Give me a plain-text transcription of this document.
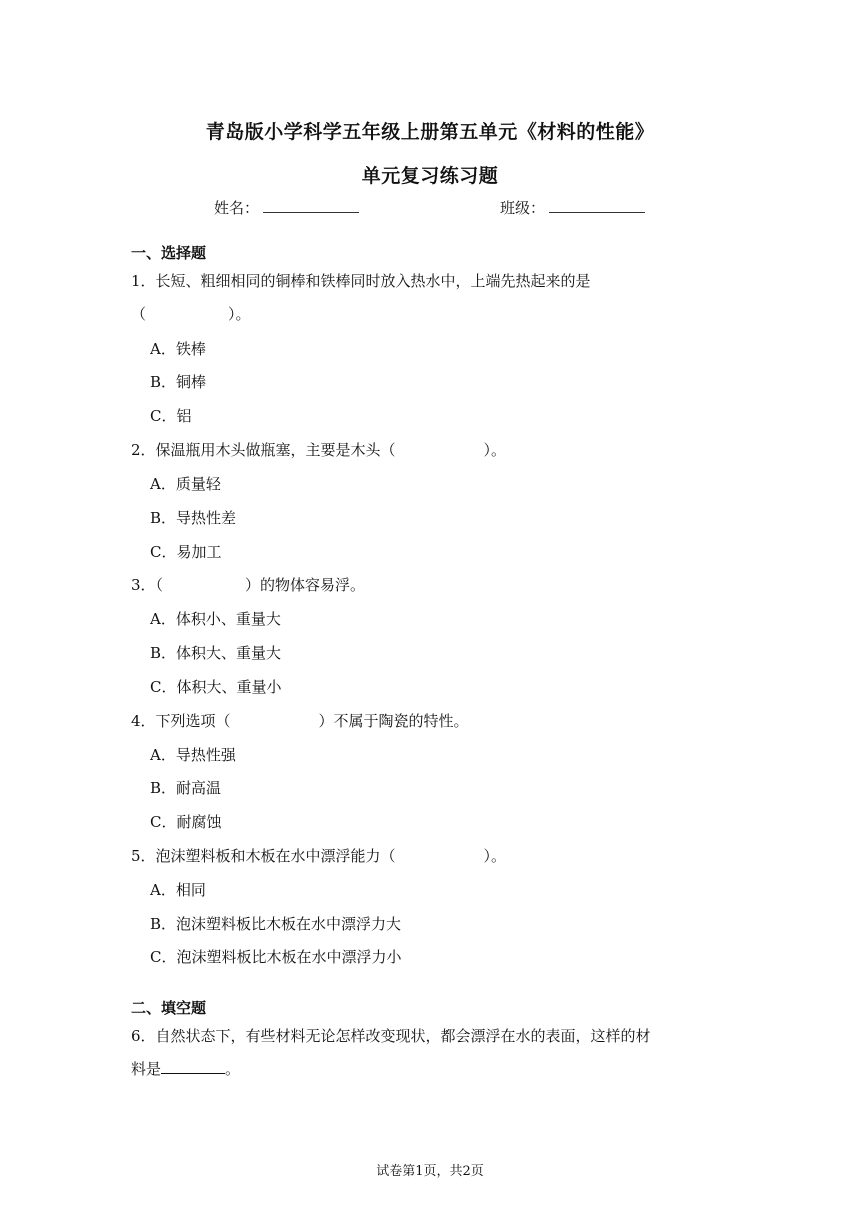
青岛版小学科学五年级上册第五单元《材料的性能》
单元复习练习题
姓名：	班级：
一、选择题
1．长短、粗细相同的铜棒和铁棒同时放入热水中，上端先热起来的是
（	）。
A．铁棒
B．铜棒
C．铝
2．保温瓶用木头做瓶塞，主要是木头（	）。
A．质量轻
B．导热性差
C．易加工
3．（	）的物体容易浮。
A．体积小、重量大
B．体积大、重量大
C．体积大、重量小
4．下列选项（	）不属于陶瓷的特性。
A．导热性强
B．耐高温
C．耐腐蚀
5．泡沫塑料板和木板在水中漂浮能力（	）。
A．相同
B．泡沫塑料板比木板在水中漂浮力大
C．泡沫塑料板比木板在水中漂浮力小
二、填空题
6．自然状态下，有些材料无论怎样改变现状，都会漂浮在水的表面，这样的材
料是	。
试卷第1页，共2页
